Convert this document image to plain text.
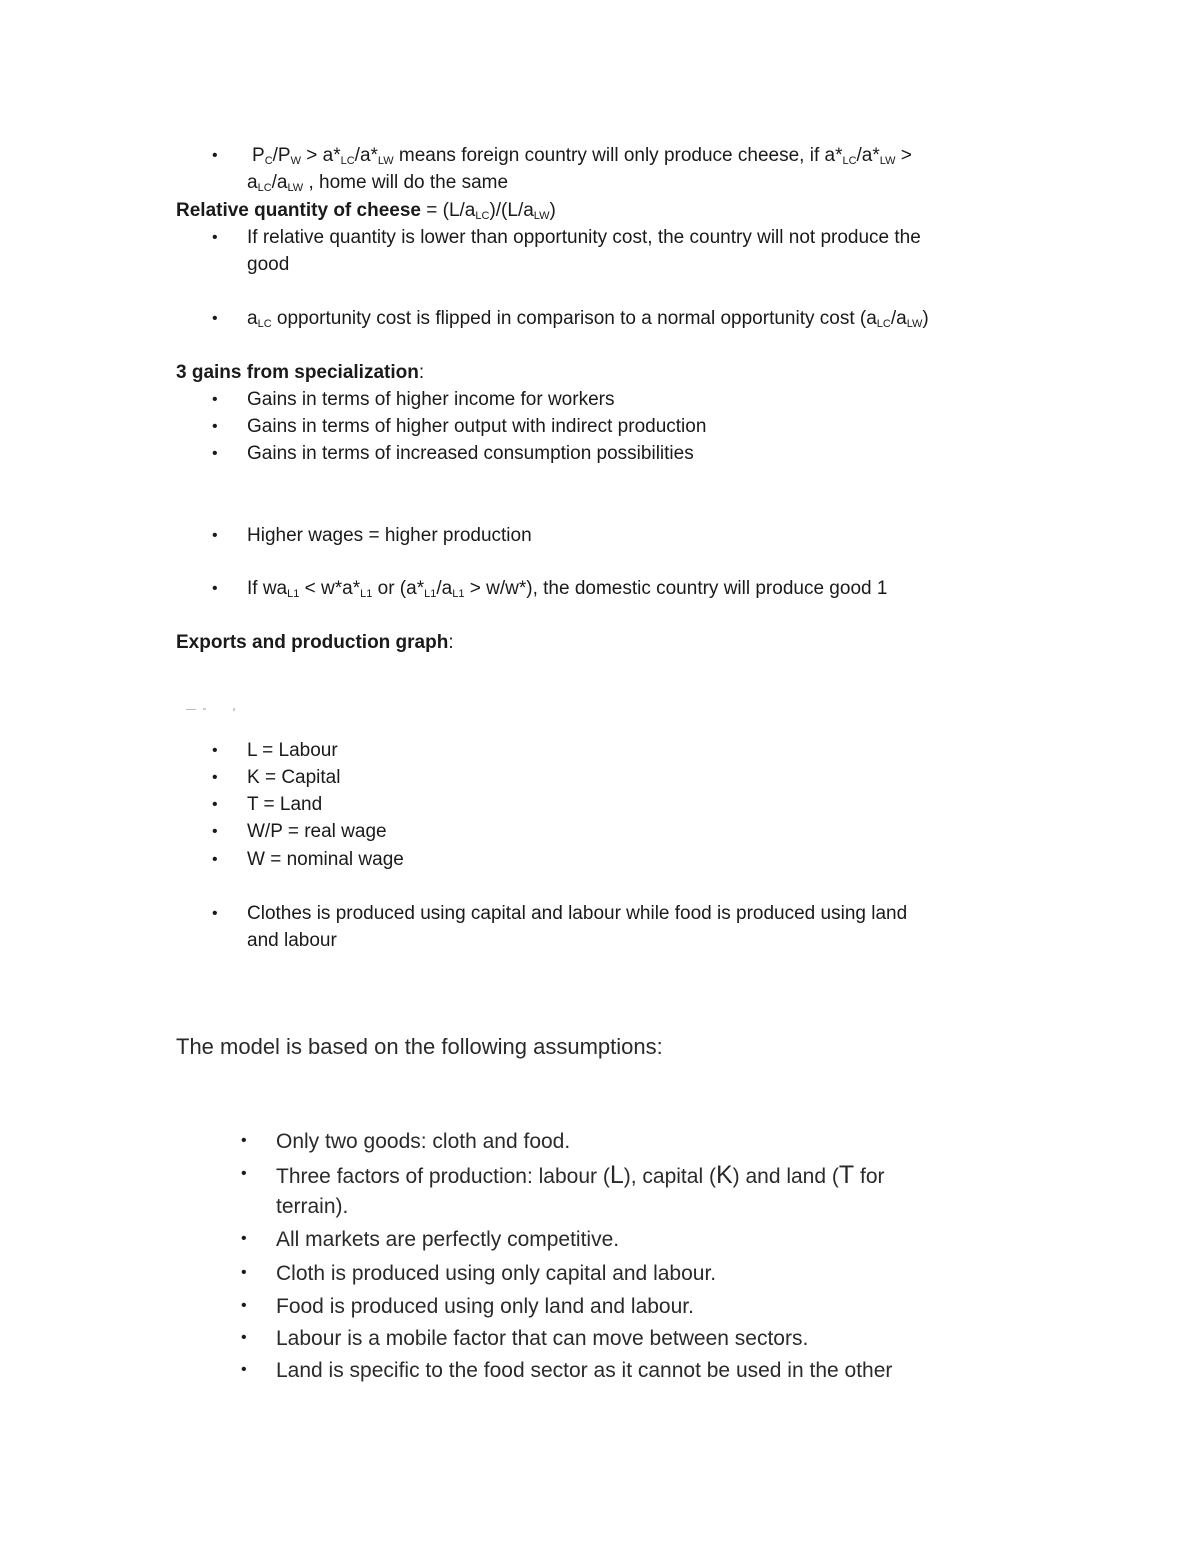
• $P_C/P_W > a*_{LC}/a*_{LW}$ means foreign country will only produce cheese, if $a*_{LC}/a*_{LW}$ >
$a_{LC}/a_{LW}$ , home will do the same
Relative quantity of cheese = $(L/a_{LC})/(L/a_{LW})$
• If relative quantity is lower than opportunity cost, the country will not produce the
good
• $a_{LC}$ opportunity cost is flipped in comparison to a normal opportunity cost $(a_{LC}/a_{LW})$
3 gains from specialization:
• Gains in terms of higher income for workers
• Gains in terms of higher output with indirect production
• Gains in terms of increased consumption possibilities
• Higher wages = higher production
• If $wa_{L1} < w*a*_{L1}$ or $(a*_{L1}/a_{L1} > w/w*)$, the domestic country will produce good 1
Exports and production graph:
• L = Labour
• K = Capital
• T = Land
• W/P = real wage
• W = nominal wage
• Clothes is produced using capital and labour while food is produced using land
and labour
The model is based on the following assumptions:
• Only two goods: cloth and food.
• Three factors of production: labour (L), capital (K) and land (T for
terrain).
• All markets are perfectly competitive.
• Cloth is produced using only capital and labour.
• Food is produced using only land and labour.
• Labour is a mobile factor that can move between sectors.
• Land is specific to the food sector as it cannot be used in the other
